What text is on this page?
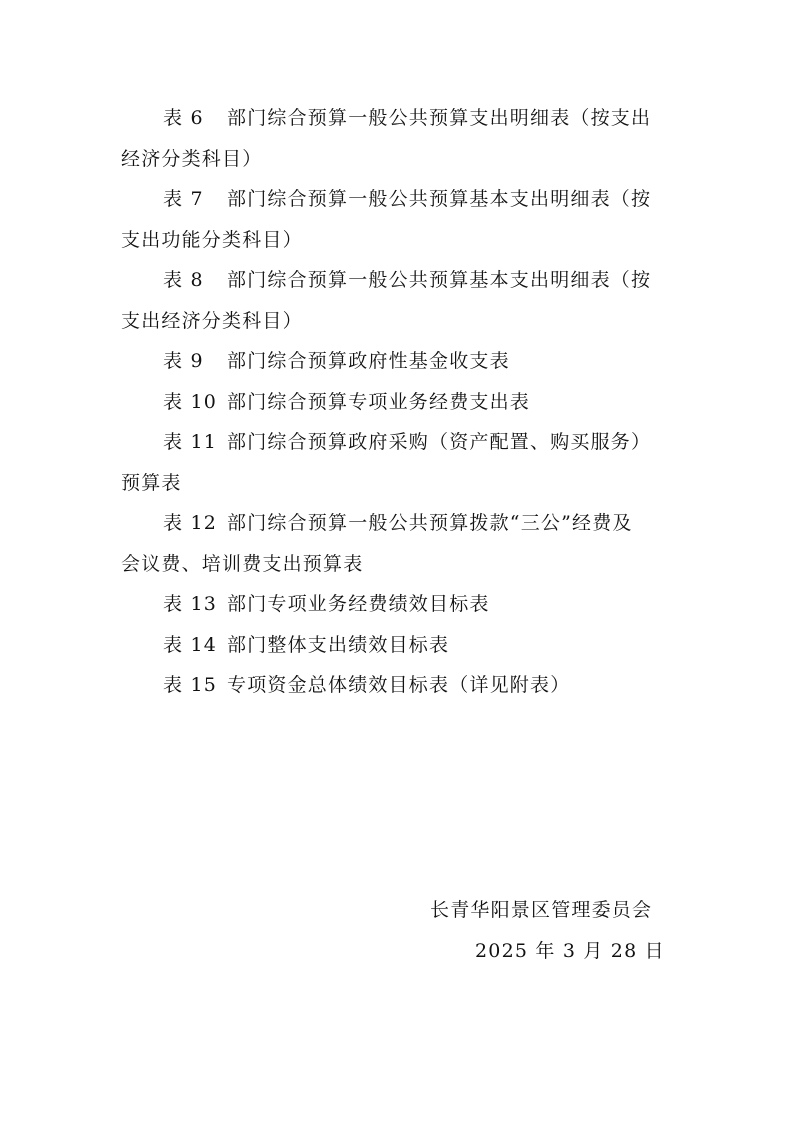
表 6 部门综合预算一般公共预算支出明细表（按支出
经济分类科目）
表 7 部门综合预算一般公共预算基本支出明细表（按
支出功能分类科目）
表 8 部门综合预算一般公共预算基本支出明细表（按
支出经济分类科目）
表 9 部门综合预算政府性基金收支表
表 10 部门综合预算专项业务经费支出表
表 11 部门综合预算政府采购（资产配置、购买服务）
预算表
表 12 部门综合预算一般公共预算拨款“三公”经费及
会议费、培训费支出预算表
表 13 部门专项业务经费绩效目标表
表 14 部门整体支出绩效目标表
表 15 专项资金总体绩效目标表（详见附表）
长青华阳景区管理委员会
2025 年 3 月 28 日
